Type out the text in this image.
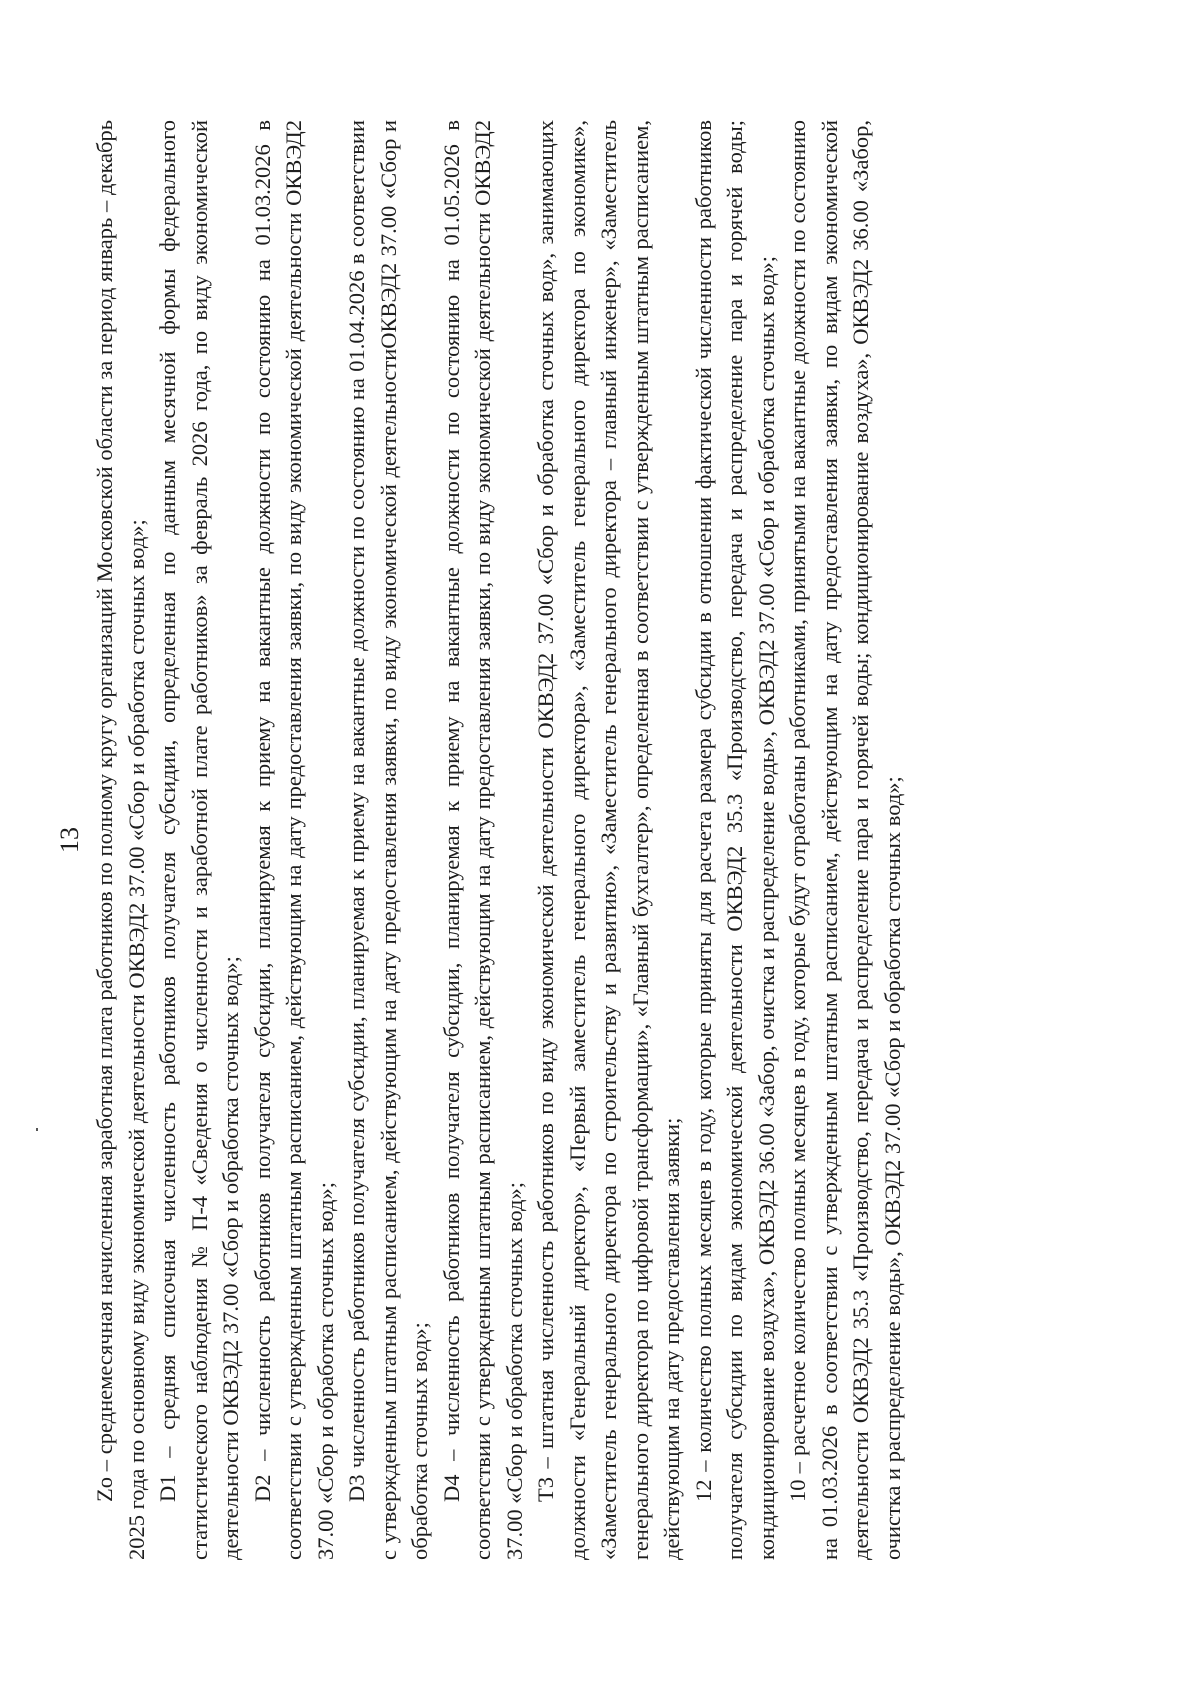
13 Zo – среднемесячная начисленная заработная плата работников по полному кругу организаций Московской области за период январь – декабрь 2025 года по основному виду экономической деятельности ОКВЭД2 37.00 «Сбор и обработка сточных вод»; D1 – средняя списочная численность работников получателя субсидии, определенная по данным месячной формы федерального статистического наблюдения № П-4 «Сведения о численности и заработной плате работников» за февраль 2026 года, по виду экономической деятельности ОКВЭД2 37.00 «Сбор и обработка сточных вод»; D2 – численность работников получателя субсидии, планируемая к приему на вакантные должности по состоянию на 01.03.2026 в соответствии с утвержденным штатным расписанием, действующим на дату предоставления заявки, по виду экономической деятельности ОКВЭД2 37.00 «Сбор и обработка сточных вод»; D3 численность работников получателя субсидии, планируемая к приему на вакантные должности по состоянию на 01.04.2026 в соответствии с утвержденным штатным расписанием, действующим на дату предоставления заявки, по виду экономической деятельностиОКВЭД2 37.00 «Сбор и обработка сточных вод»; D4 – численность работников получателя субсидии, планируемая к приему на вакантные должности по состоянию на 01.05.2026 в соответствии с утвержденным штатным расписанием, действующим на дату предоставления заявки, по виду экономической деятельности ОКВЭД2 37.00 «Сбор и обработка сточных вод»; T3 – штатная численность работников по виду экономической деятельности ОКВЭД2 37.00 «Сбор и обработка сточных вод», занимающих должности «Генеральный директор», «Первый заместитель генерального директора», «Заместитель генерального директора по экономике», «Заместитель генерального директора по строительству и развитию», «Заместитель генерального директора – главный инженер», «Заместитель генерального директора по цифровой трансформации», «Главный бухгалтер», определенная в соответствии с утвержденным штатным расписанием, действующим на дату предоставления заявки; 12 – количество полных месяцев в году, которые приняты для расчета размера субсидии в отношении фактической численности работников получателя субсидии по видам экономической деятельности ОКВЭД2 35.3 «Производство, передача и распределение пара и горячей воды; кондиционирование воздуха», ОКВЭД2 36.00 «Забор, очистка и распределение воды», ОКВЭД2 37.00 «Сбор и обработка сточных вод»; 10 – расчетное количество полных месяцев в году, которые будут отработаны работниками, принятыми на вакантные должности по состоянию на 01.03.2026 в соответствии с утвержденным штатным расписанием, действующим на дату предоставления заявки, по видам экономической деятельности ОКВЭД2 35.3 «Производство, передача и распределение пара и горячей воды; кондиционирование воздуха», ОКВЭД2 36.00 «Забор, очистка и распределение воды», ОКВЭД2 37.00 «Сбор и обработка сточных вод»;
